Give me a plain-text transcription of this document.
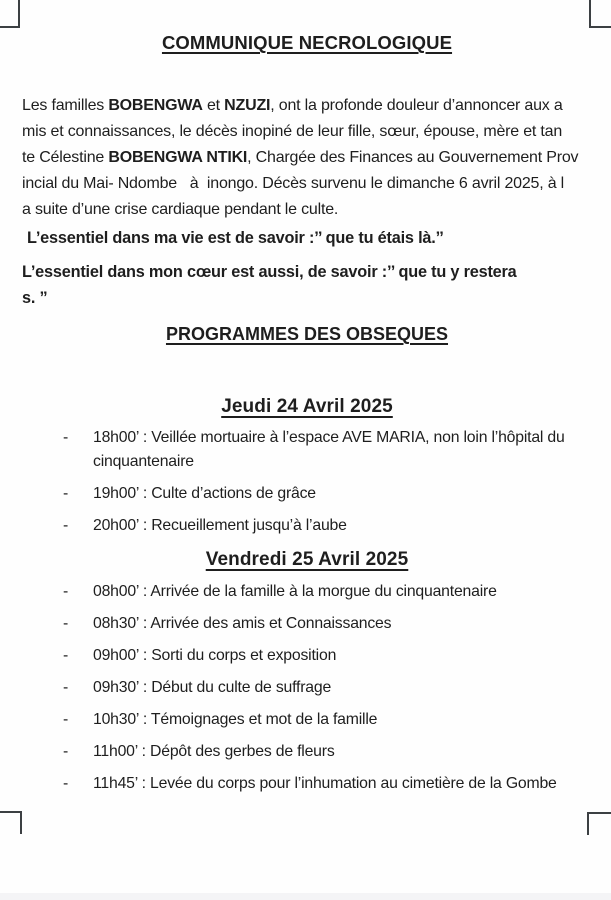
COMMUNIQUE NECROLOGIQUE
Les familles BOBENGWA et NZUZI, ont la profonde douleur d’annoncer aux a
mis et connaissances, le décès inopiné de leur fille, sœur, épouse, mère et tan
te Célestine BOBENGWA NTIKI, Chargée des Finances au Gouvernement Prov
incial du Mai- Ndombe   à  inongo. Décès survenu le dimanche 6 avril 2025, à l
a suite d’une crise cardiaque pendant le culte.

L’essentiel dans ma vie est de savoir :’’ que tu étais là.’’

L’essentiel dans mon cœur est aussi, de savoir :’’ que tu y restera
s. ”
PROGRAMMES DES OBSEQUES
Jeudi 24 Avril 2025
- 18h00’ : Veillée mortuaire à l’espace AVE MARIA, non loin l’hôpital du cinquantenaire
- 19h00’ : Culte d’actions de grâce
- 20h00’ : Recueillement jusqu’à l’aube
Vendredi 25 Avril 2025
- 08h00’ : Arrivée de la famille à la morgue du cinquantenaire
- 08h30’ : Arrivée des amis et Connaissances
- 09h00’ : Sorti du corps et exposition
- 09h30’ : Début du culte de suffrage
- 10h30’ : Témoignages et mot de la famille
- 11h00’ : Dépôt des gerbes de fleurs
- 11h45’ : Levée du corps pour l’inhumation au cimetière de la Gombe
